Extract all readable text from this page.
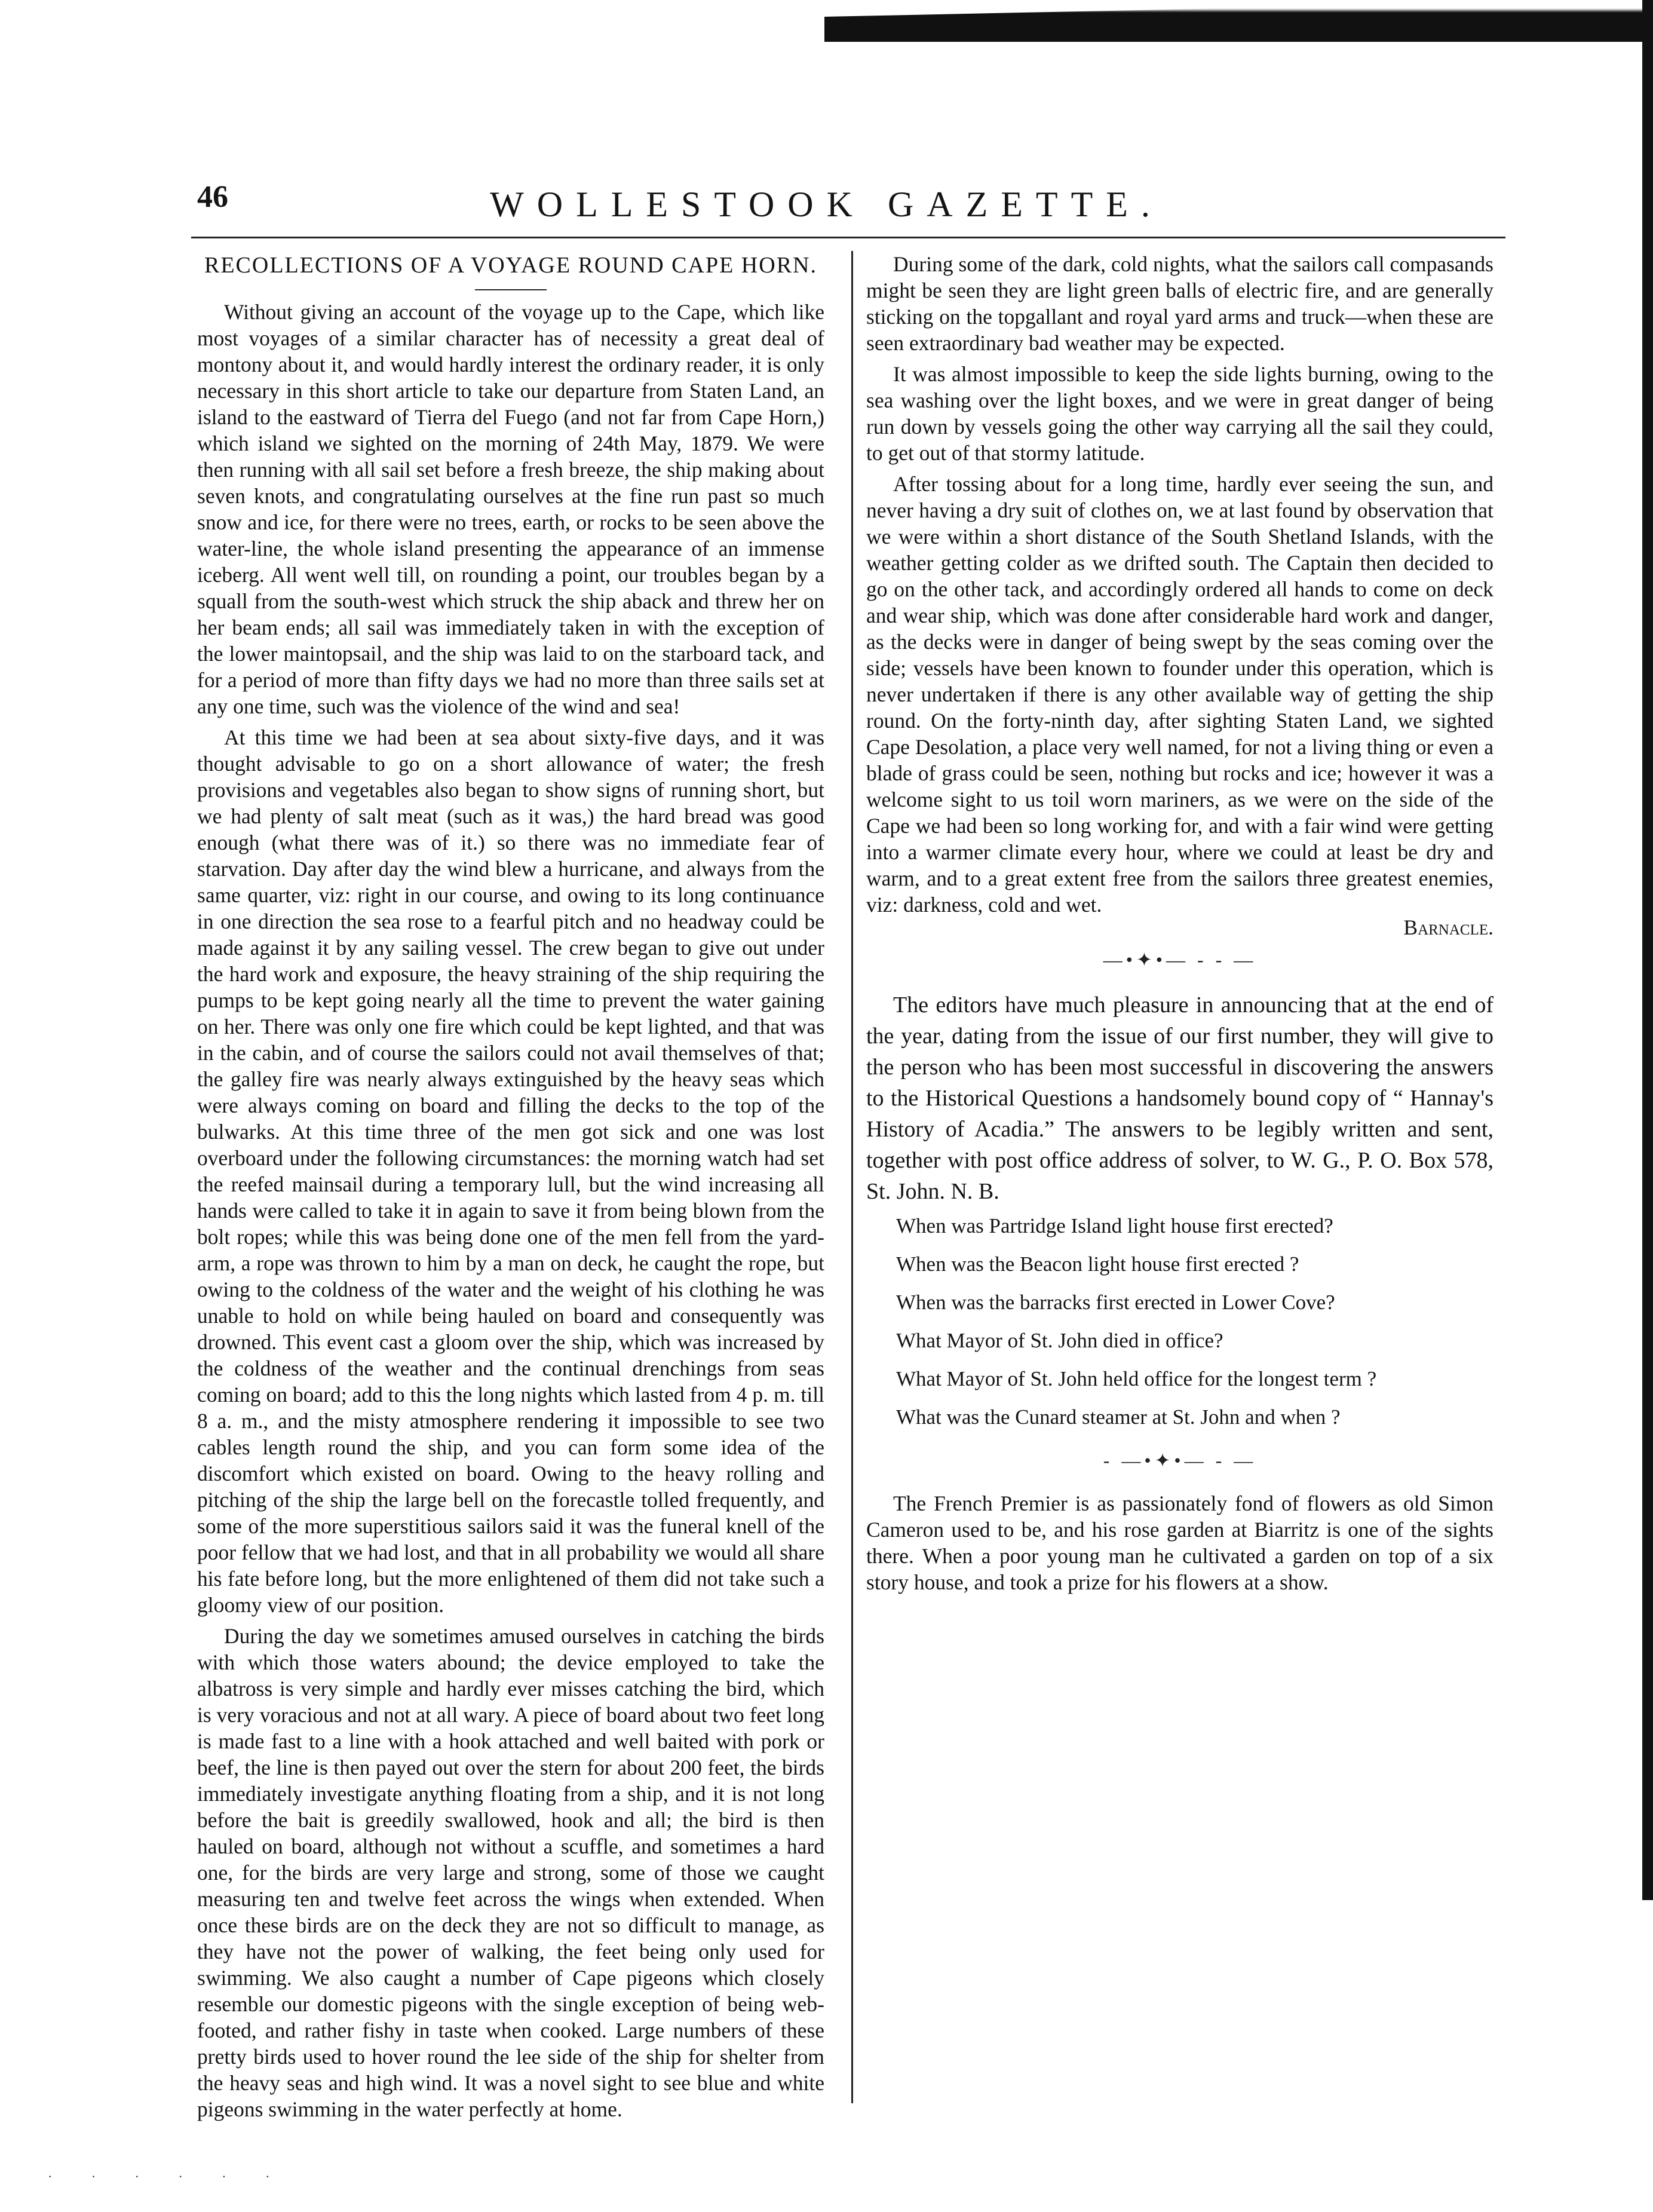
46	WOLLESTOOK GAZETTE.
RECOLLECTIONS OF A VOYAGE ROUND CAPE HORN.

Without giving an account of the voyage up to the Cape, which like most voyages of a similar character has of necessity a great deal of montony about it, and would hardly interest the ordinary reader, it is only necessary in this short article to take our departure from Staten Land, an island to the eastward of Tierra del Fuego (and not far from Cape Horn,) which island we sighted on the morning of 24th May, 1879. We were then running with all sail set before a fresh breeze, the ship making about seven knots, and congratulating ourselves at the fine run past so much snow and ice, for there were no trees, earth, or rocks to be seen above the water-line, the whole island presenting the appearance of an immense iceberg. All went well till, on rounding a point, our troubles began by a squall from the south-west which struck the ship aback and threw her on her beam ends; all sail was immediately taken in with the exception of the lower maintopsail, and the ship was laid to on the starboard tack, and for a period of more than fifty days we had no more than three sails set at any one time, such was the violence of the wind and sea!

At this time we had been at sea about sixty-five days, and it was thought advisable to go on a short allowance of water; the fresh provisions and vegetables also began to show signs of running short, but we had plenty of salt meat (such as it was,) the hard bread was good enough (what there was of it.) so there was no immediate fear of starvation. Day after day the wind blew a hurricane, and always from the same quarter, viz: right in our course, and owing to its long continuance in one direction the sea rose to a fearful pitch and no headway could be made against it by any sailing vessel. The crew began to give out under the hard work and exposure, the heavy straining of the ship requiring the pumps to be kept going nearly all the time to prevent the water gaining on her. There was only one fire which could be kept lighted, and that was in the cabin, and of course the sailors could not avail themselves of that; the galley fire was nearly always extinguished by the heavy seas which were always coming on board and filling the decks to the top of the bulwarks. At this time three of the men got sick and one was lost overboard under the following circumstances: the morning watch had set the reefed mainsail during a temporary lull, but the wind increasing all hands were called to take it in again to save it from being blown from the bolt ropes; while this was being done one of the men fell from the yard-arm, a rope was thrown to him by a man on deck, he caught the rope, but owing to the coldness of the water and the weight of his clothing he was unable to hold on while being hauled on board and consequently was drowned. This event cast a gloom over the ship, which was increased by the coldness of the weather and the continual drenchings from seas coming on board; add to this the long nights which lasted from 4 p. m. till 8 a. m., and the misty atmosphere rendering it impossible to see two cables length round the ship, and you can form some idea of the discomfort which existed on board. Owing to the heavy rolling and pitching of the ship the large bell on the forecastle tolled frequently, and some of the more superstitious sailors said it was the funeral knell of the poor fellow that we had lost, and that in all probability we would all share his fate before long, but the more enlightened of them did not take such a gloomy view of our position.

During the day we sometimes amused ourselves in catching the birds with which those waters abound; the device employed to take the albatross is very simple and hardly ever misses catching the bird, which is very voracious and not at all wary. A piece of board about two feet long is made fast to a line with a hook attached and well baited with pork or beef, the line is then payed out over the stern for about 200 feet, the birds immediately investigate anything floating from a ship, and it is not long before the bait is greedily swallowed, hook and all; the bird is then hauled on board, although not without a scuffle, and sometimes a hard one, for the birds are very large and strong, some of those we caught measuring ten and twelve feet across the wings when extended. When once these birds are on the deck they are not so difficult to manage, as they have not the power of walking, the feet being only used for swimming. We also caught a number of Cape pigeons which closely resemble our domestic pigeons with the single exception of being web-footed, and rather fishy in taste when cooked. Large numbers of these pretty birds used to hover round the lee side of the ship for shelter from the heavy seas and high wind. It was a novel sight to see blue and white pigeons swimming in the water perfectly at home.

During some of the dark, cold nights, what the sailors call compasands might be seen they are light green balls of electric fire, and are generally sticking on the topgallant and royal yard arms and truck—when these are seen extraordinary bad weather may be expected.

It was almost impossible to keep the side lights burning, owing to the sea washing over the light boxes, and we were in great danger of being run down by vessels going the other way carrying all the sail they could, to get out of that stormy latitude.

After tossing about for a long time, hardly ever seeing the sun, and never having a dry suit of clothes on, we at last found by observation that we were within a short distance of the South Shetland Islands, with the weather getting colder as we drifted south. The Captain then decided to go on the other tack, and accordingly ordered all hands to come on deck and wear ship, which was done after considerable hard work and danger, as the decks were in danger of being swept by the seas coming over the side; vessels have been known to founder under this operation, which is never undertaken if there is any other available way of getting the ship round. On the forty-ninth day, after sighting Staten Land, we sighted Cape Desolation, a place very well named, for not a living thing or even a blade of grass could be seen, nothing but rocks and ice; however it was a welcome sight to us toil worn mariners, as we were on the side of the Cape we had been so long working for, and with a fair wind were getting into a warmer climate every hour, where we could at least be dry and warm, and to a great extent free from the sailors three greatest enemies, viz: darkness, cold and wet.

Barnacle.
—•✦•— - - —

The editors have much pleasure in announcing that at the end of the year, dating from the issue of our first number, they will give to the person who has been most successful in discovering the answers to the Historical Questions a handsomely bound copy of “ Hannay's History of Acadia.” The answers to be legibly written and sent, together with post office address of solver, to W. G., P. O. Box 578, St. John. N. B.

When was Partridge Island light house first erected?
When was the Beacon light house first erected ?
When was the barracks first erected in Lower Cove?
What Mayor of St. John died in office?
What Mayor of St. John held office for the longest term ?
What was the Cunard steamer at St. John and when ?
- —•✦•— - —

The French Premier is as passionately fond of flowers as old Simon Cameron used to be, and his rose garden at Biarritz is one of the sights there. When a poor young man he cultivated a garden on top of a six story house, and took a prize for his flowers at a show.

· · · · · ·
